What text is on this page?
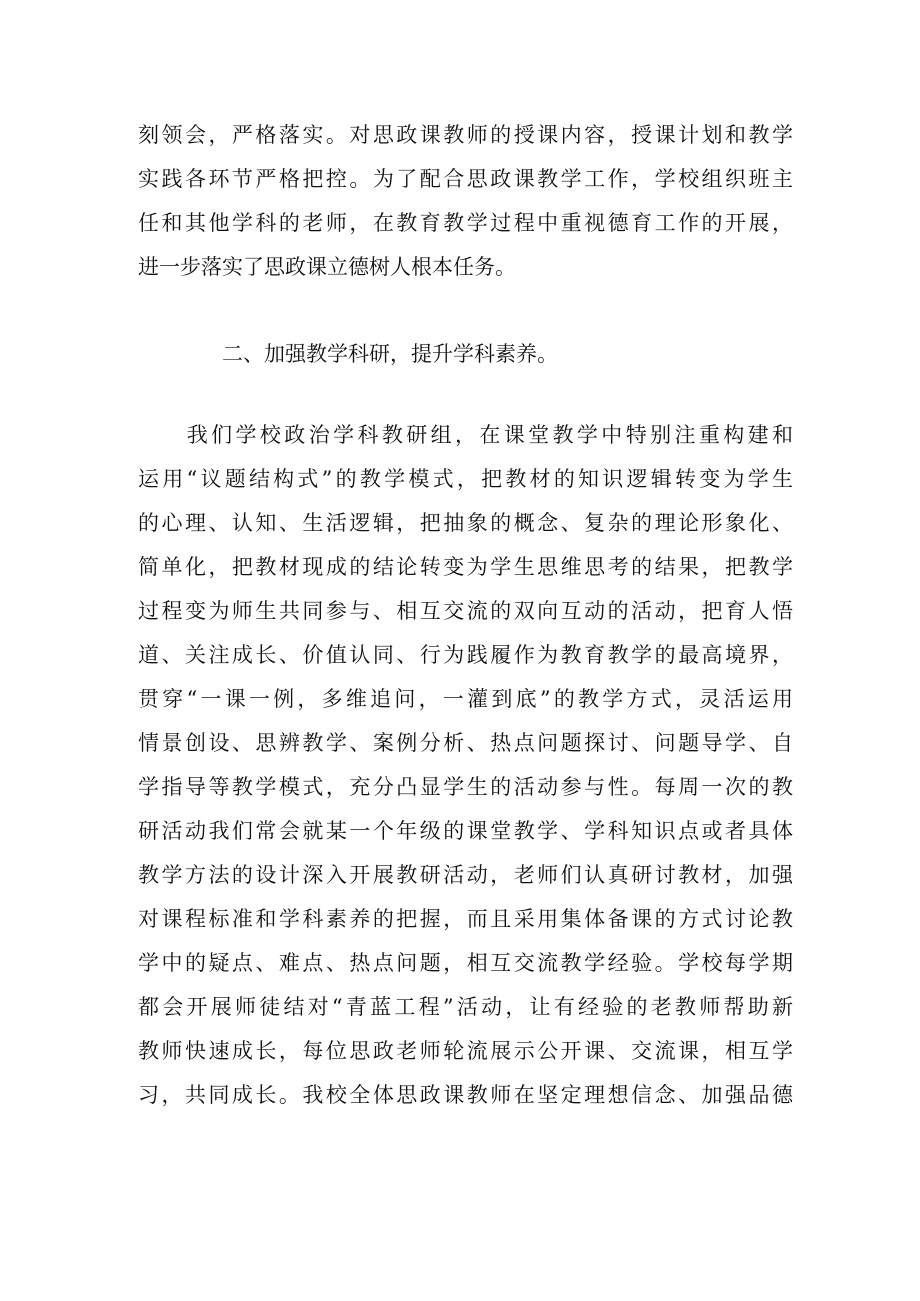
刻领会，严格落实。对思政课教师的授课内容，授课计划和教学
实践各环节严格把控。为了配合思政课教学工作，学校组织班主
任和其他学科的老师，在教育教学过程中重视德育工作的开展，
进一步落实了思政课立德树人根本任务。
二、加强教学科研，提升学科素养。
　　我们学校政治学科教研组，在课堂教学中特别注重构建和
运用“议题结构式”的教学模式，把教材的知识逻辑转变为学生
的心理、认知、生活逻辑，把抽象的概念、复杂的理论形象化、
简单化，把教材现成的结论转变为学生思维思考的结果，把教学
过程变为师生共同参与、相互交流的双向互动的活动，把育人悟
道、关注成长、价值认同、行为践履作为教育教学的最高境界，
贯穿“一课一例，多维追问，一灌到底”的教学方式，灵活运用
情景创设、思辨教学、案例分析、热点问题探讨、问题导学、自
学指导等教学模式，充分凸显学生的活动参与性。每周一次的教
研活动我们常会就某一个年级的课堂教学、学科知识点或者具体
教学方法的设计深入开展教研活动，老师们认真研讨教材，加强
对课程标准和学科素养的把握，而且采用集体备课的方式讨论教
学中的疑点、难点、热点问题，相互交流教学经验。学校每学期
都会开展师徒结对“青蓝工程”活动，让有经验的老教师帮助新
教师快速成长，每位思政老师轮流展示公开课、交流课，相互学
习，共同成长。我校全体思政课教师在坚定理想信念、加强品德
